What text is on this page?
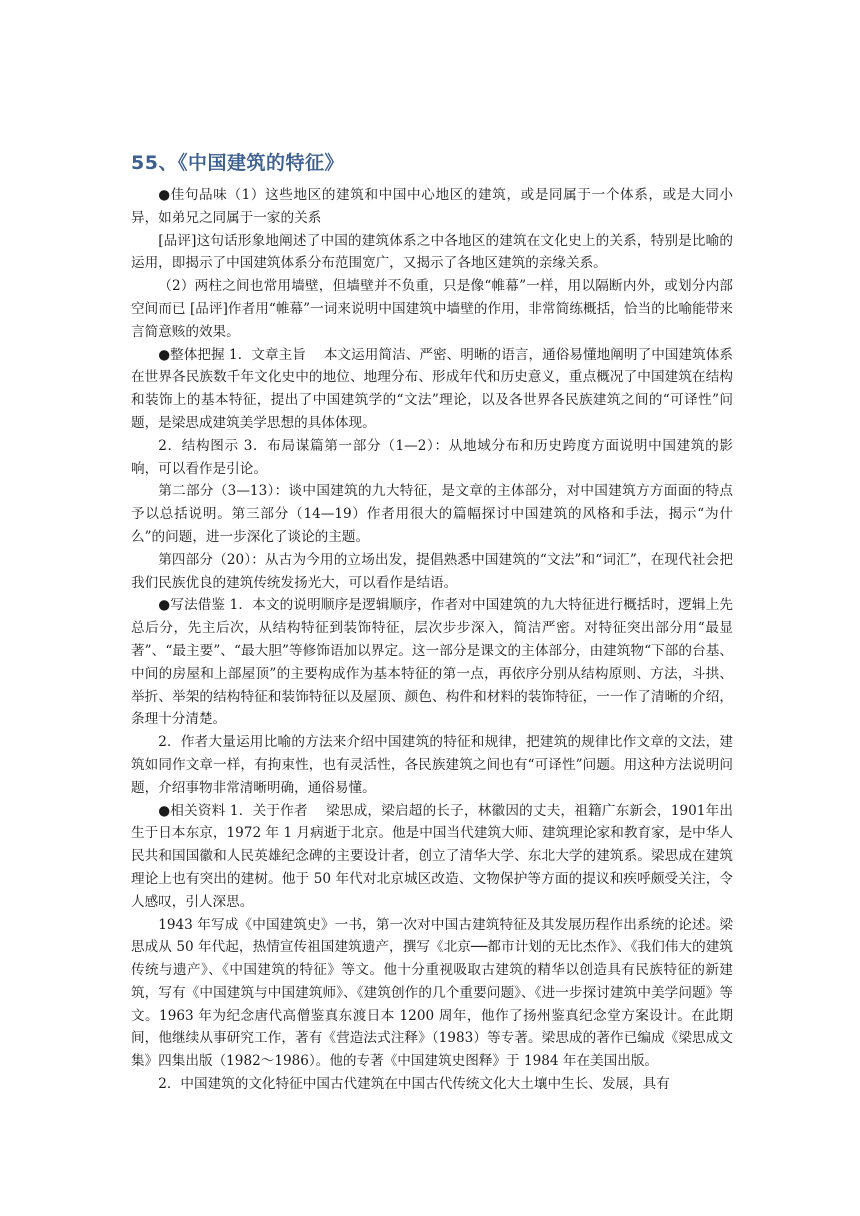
55、《中国建筑的特征》

●佳句品味（1）这些地区的建筑和中国中心地区的建筑，或是同属于一个体系，或是大同小异，如弟兄之同属于一家的关系

[品评]这句话形象地阐述了中国的建筑体系之中各地区的建筑在文化史上的关系，特别是比喻的运用，即揭示了中国建筑体系分布范围宽广，又揭示了各地区建筑的亲缘关系。

（2）两柱之间也常用墙壁，但墙壁并不负重，只是像“帷幕”一样，用以隔断内外，或划分内部空间而已 [品评]作者用“帷幕”一词来说明中国建筑中墙壁的作用，非常简练概括，恰当的比喻能带来言简意赅的效果。

●整体把握 1．文章主旨　 本文运用简洁、严密、明晰的语言，通俗易懂地阐明了中国建筑体系在世界各民族数千年文化史中的地位、地理分布、形成年代和历史意义，重点概况了中国建筑在结构和装饰上的基本特征，提出了中国建筑学的“文法”理论，以及各世界各民族建筑之间的“可译性”问题，是梁思成建筑美学思想的具体体现。

2．结构图示 3．布局谋篇第一部分（1—2）：从地域分布和历史跨度方面说明中国建筑的影响，可以看作是引论。

第二部分（3—13）：谈中国建筑的九大特征，是文章的主体部分，对中国建筑方方面面的特点予以总括说明。第三部分（14—19）作者用很大的篇幅探讨中国建筑的风格和手法，揭示“为什么”的问题，进一步深化了谈论的主题。

第四部分（20）：从古为今用的立场出发，提倡熟悉中国建筑的“文法”和“词汇”，在现代社会把我们民族优良的建筑传统发扬光大，可以看作是结语。

●写法借鉴 1．本文的说明顺序是逻辑顺序，作者对中国建筑的九大特征进行概括时，逻辑上先总后分，先主后次，从结构特征到装饰特征，层次步步深入，简洁严密。对特征突出部分用“最显著”、“最主要”、“最大胆”等修饰语加以界定。这一部分是课文的主体部分，由建筑物“下部的台基、中间的房屋和上部屋顶”的主要构成作为基本特征的第一点，再依序分别从结构原则、方法，斗拱、举折、举架的结构特征和装饰特征以及屋顶、颜色、构件和材料的装饰特征，一一作了清晰的介绍，条理十分清楚。

2．作者大量运用比喻的方法来介绍中国建筑的特征和规律，把建筑的规律比作文章的文法，建筑如同作文章一样，有拘束性，也有灵活性，各民族建筑之间也有“可译性”问题。用这种方法说明问题，介绍事物非常清晰明确，通俗易懂。

●相关资料 1．关于作者　 梁思成，梁启超的长子，林徽因的丈夫，祖籍广东新会，1901年出生于日本东京，1972 年 1 月病逝于北京。他是中国当代建筑大师、建筑理论家和教育家，是中华人民共和国国徽和人民英雄纪念碑的主要设计者，创立了清华大学、东北大学的建筑系。梁思成在建筑理论上也有突出的建树。他于 50 年代对北京城区改造、文物保护等方面的提议和疾呼颇受关注，令人感叹，引人深思。

1943 年写成《中国建筑史》一书，第一次对中国古建筑特征及其发展历程作出系统的论述。梁思成从 50 年代起，热情宣传祖国建筑遗产，撰写《北京──都市计划的无比杰作》、《我们伟大的建筑传统与遗产》、《中国建筑的特征》等文。他十分重视吸取古建筑的精华以创造具有民族特征的新建筑，写有《中国建筑与中国建筑师》、《建筑创作的几个重要问题》、《进一步探讨建筑中美学问题》等文。1963 年为纪念唐代高僧鉴真东渡日本 1200 周年，他作了扬州鉴真纪念堂方案设计。在此期间，他继续从事研究工作，著有《营造法式注释》（1983）等专著。梁思成的著作已编成《梁思成文集》四集出版（1982～1986）。他的专著《中国建筑史图释》于 1984 年在美国出版。

2．中国建筑的文化特征中国古代建筑在中国古代传统文化大土壤中生长、发展，具有
